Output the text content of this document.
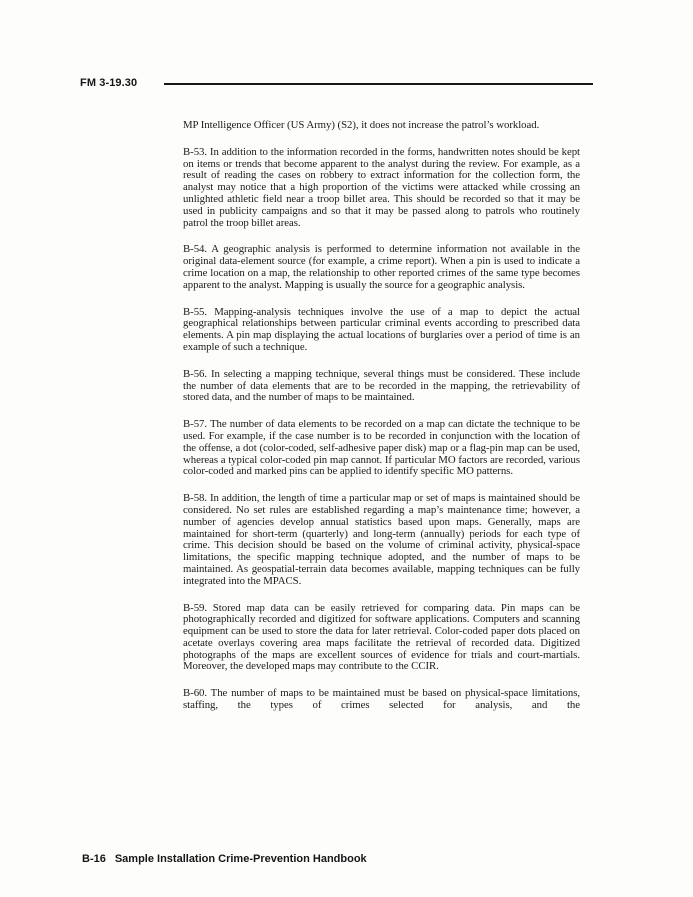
FM 3-19.30

MP Intelligence Officer (US Army) (S2), it does not increase the patrol’s workload.

B-53. In addition to the information recorded in the forms, handwritten notes should be kept on items or trends that become apparent to the analyst during the review. For example, as a result of reading the cases on robbery to extract information for the collection form, the analyst may notice that a high proportion of the victims were attacked while crossing an unlighted athletic field near a troop billet area. This should be recorded so that it may be used in publicity campaigns and so that it may be passed along to patrols who routinely patrol the troop billet areas.

B-54. A geographic analysis is performed to determine information not available in the original data-element source (for example, a crime report). When a pin is used to indicate a crime location on a map, the relationship to other reported crimes of the same type becomes apparent to the analyst. Mapping is usually the source for a geographic analysis.

B-55. Mapping-analysis techniques involve the use of a map to depict the actual geographical relationships between particular criminal events according to prescribed data elements. A pin map displaying the actual locations of burglaries over a period of time is an example of such a technique.

B-56. In selecting a mapping technique, several things must be considered. These include the number of data elements that are to be recorded in the mapping, the retrievability of stored data, and the number of maps to be maintained.

B-57. The number of data elements to be recorded on a map can dictate the technique to be used. For example, if the case number is to be recorded in conjunction with the location of the offense, a dot (color-coded, self-adhesive paper disk) map or a flag-pin map can be used, whereas a typical color-coded pin map cannot. If particular MO factors are recorded, various color-coded and marked pins can be applied to identify specific MO patterns.

B-58. In addition, the length of time a particular map or set of maps is maintained should be considered. No set rules are established regarding a map’s maintenance time; however, a number of agencies develop annual statistics based upon maps. Generally, maps are maintained for short-term (quarterly) and long-term (annually) periods for each type of crime. This decision should be based on the volume of criminal activity, physical-space limitations, the specific mapping technique adopted, and the number of maps to be maintained. As geospatial-terrain data becomes available, mapping techniques can be fully integrated into the MPACS.

B-59. Stored map data can be easily retrieved for comparing data. Pin maps can be photographically recorded and digitized for software applications. Computers and scanning equipment can be used to store the data for later retrieval. Color-coded paper dots placed on acetate overlays covering area maps facilitate the retrieval of recorded data. Digitized photographs of the maps are excellent sources of evidence for trials and court-martials. Moreover, the developed maps may contribute to the CCIR.

B-60. The number of maps to be maintained must be based on physical-space limitations, staffing, the types of crimes selected for analysis, and the

B-16 Sample Installation Crime-Prevention Handbook
